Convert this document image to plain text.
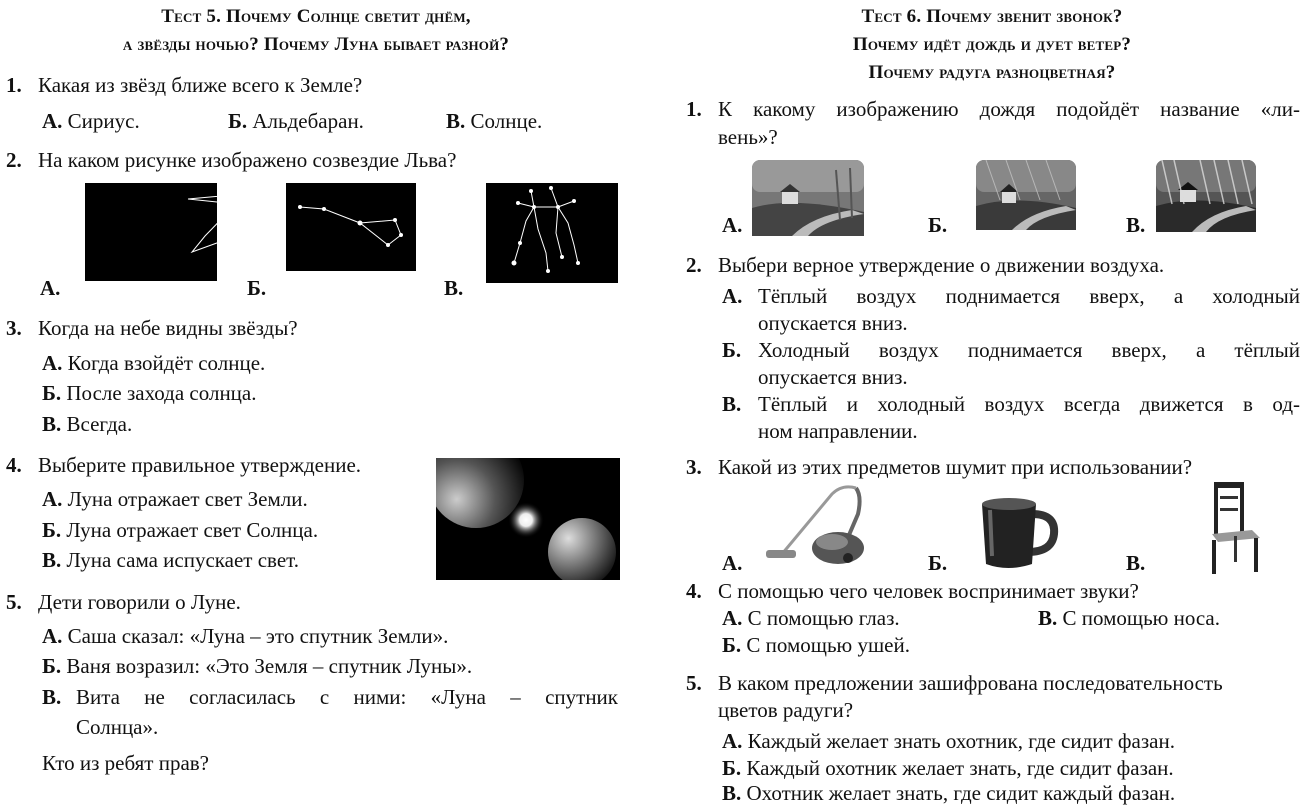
Тест 5. Почему Солнце светит днём,
а звёзды ночью? Почему Луна бывает разной?
1. Какая из звёзд ближе всего к Земле?
А. Сириус.	Б. Альдебаран.	В. Солнце.
2. На каком рисунке изображено созвездие Льва?
А.	Б.	В.
3. Когда на небе видны звёзды?
А. Когда взойдёт солнце.
Б. После захода солнца.
В. Всегда.
4. Выберите правильное утверждение.
А. Луна отражает свет Земли.
Б. Луна отражает свет Солнца.
В. Луна сама испускает свет.
5. Дети говорили о Луне.
А. Саша сказал: «Луна – это спутник Земли».
Б. Ваня возразил: «Это Земля – спутник Луны».
В. Вита не согласилась с ними: «Луна – спутник
Солнца».
Кто из ребят прав?
Тест 6. Почему звенит звонок?
Почему идёт дождь и дует ветер?
Почему радуга разноцветная?
1. К какому изображению дождя подойдёт название «ли-
вень»?
А.	Б.	В.
2. Выбери верное утверждение о движении воздуха.
А. Тёплый воздух поднимается вверх, а холодный
опускается вниз.
Б. Холодный воздух поднимается вверх, а тёплый
опускается вниз.
В. Тёплый и холодный воздух всегда движется в од-
ном направлении.
3. Какой из этих предметов шумит при использовании?
А.	Б.	В.
4. С помощью чего человек воспринимает звуки?
А. С помощью глаз.	В. С помощью носа.
Б. С помощью ушей.
5. В каком предложении зашифрована последовательность
цветов радуги?
А. Каждый желает знать охотник, где сидит фазан.
Б. Каждый охотник желает знать, где сидит фазан.
В. Охотник желает знать, где сидит каждый фазан.
